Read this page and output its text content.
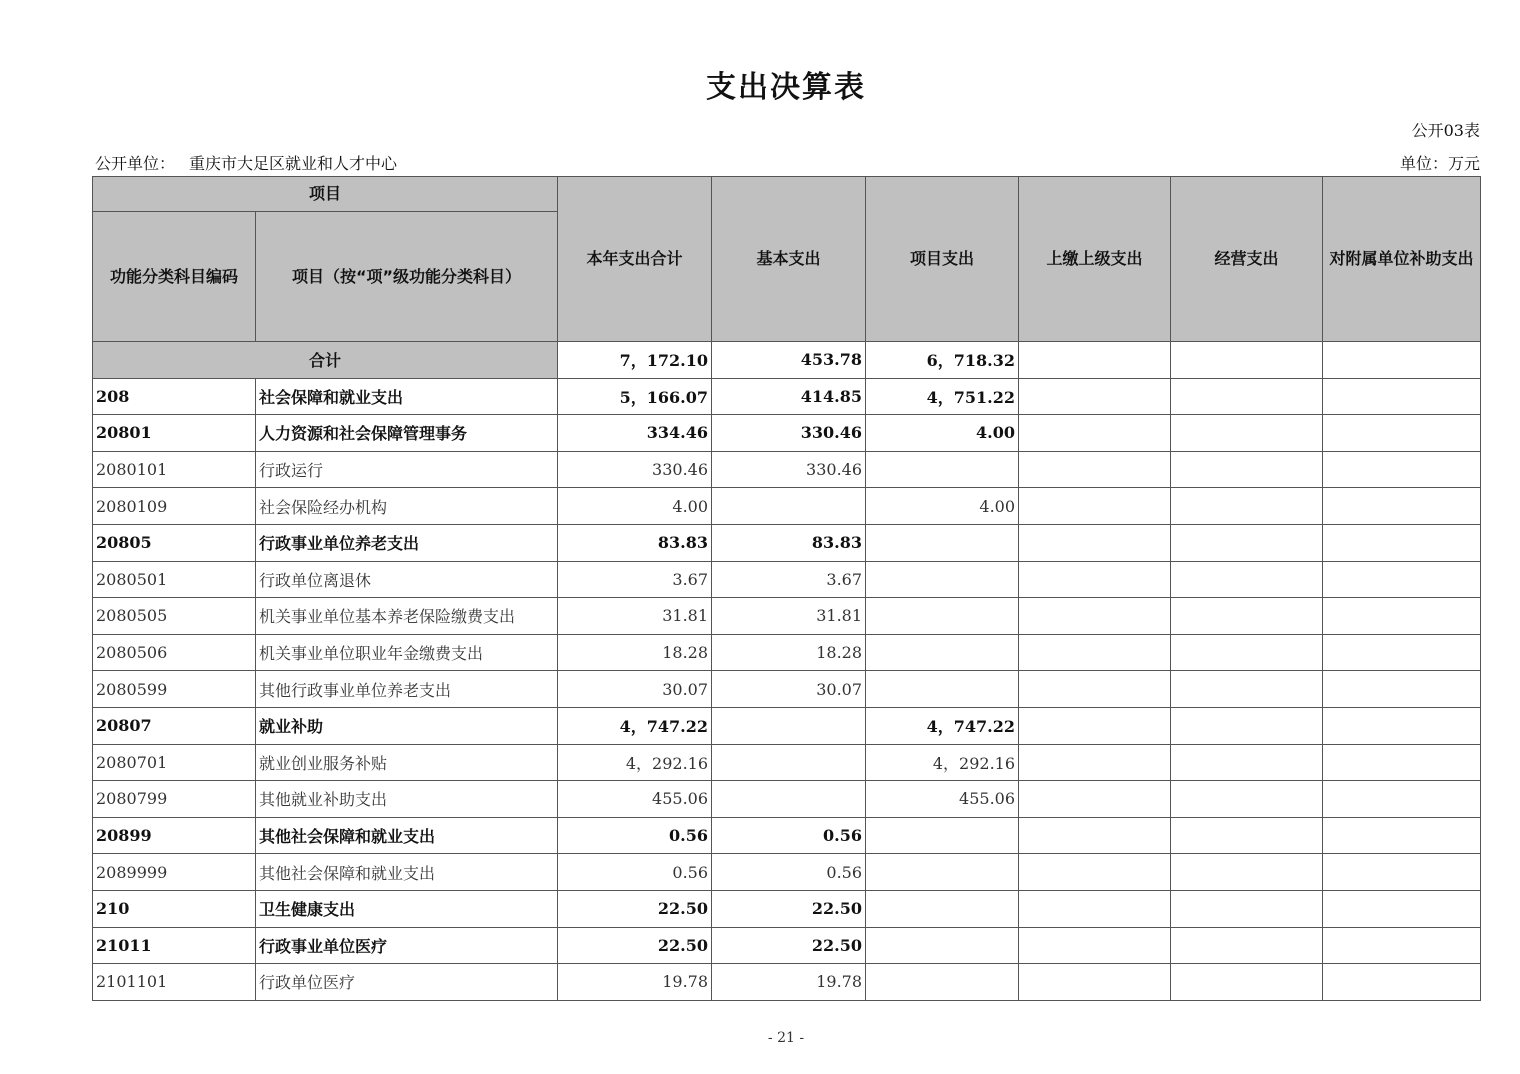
支出决算表
公开03表
公开单位： 重庆市大足区就业和人才中心	单位：万元
项目		本年支出合计	基本支出	项目支出	上缴上级支出	经营支出	对附属单位补助支出
功能分类科目编码	项目（按“项”级功能分类科目）						
合计		7，172.10	453.78	6，718.32			
208	社会保障和就业支出	5，166.07	414.85	4，751.22			
20801	人力资源和社会保障管理事务	334.46	330.46	4.00			
2080101	行政运行	330.46	330.46				
2080109	社会保险经办机构	4.00		4.00			
20805	行政事业单位养老支出	83.83	83.83				
2080501	行政单位离退休	3.67	3.67				
2080505	机关事业单位基本养老保险缴费支出	31.81	31.81				
2080506	机关事业单位职业年金缴费支出	18.28	18.28				
2080599	其他行政事业单位养老支出	30.07	30.07				
20807	就业补助	4，747.22		4，747.22			
2080701	就业创业服务补贴	4，292.16		4，292.16			
2080799	其他就业补助支出	455.06		455.06			
20899	其他社会保障和就业支出	0.56	0.56				
2089999	其他社会保障和就业支出	0.56	0.56				
210	卫生健康支出	22.50	22.50				
21011	行政事业单位医疗	22.50	22.50				
2101101	行政单位医疗	19.78	19.78				
- 21 -
